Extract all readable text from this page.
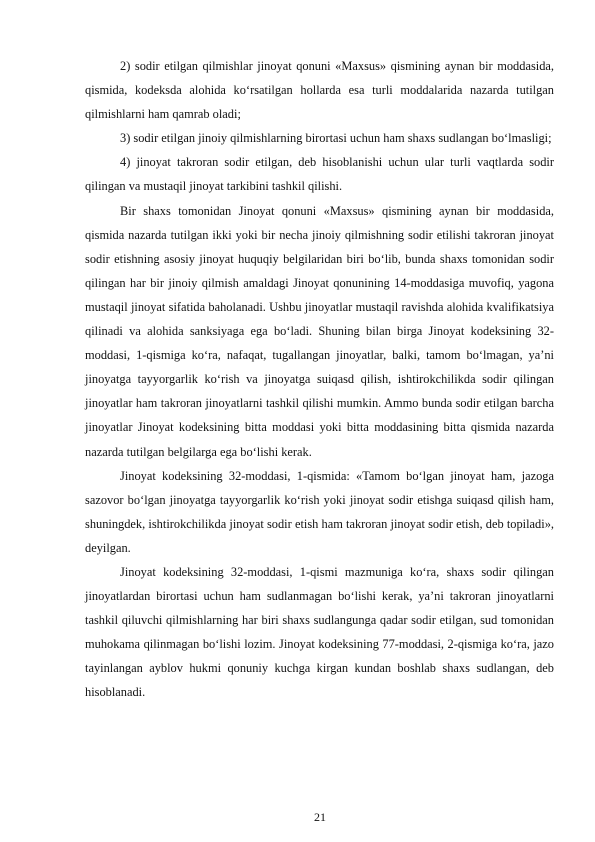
2) sodir etilgan qilmishlar jinoyat qonuni «Maxsus» qismining aynan bir moddasida, qismida, kodeksda alohida ko‘rsatilgan hollarda esa turli moddalarida nazarda tutilgan qilmishlarni ham qamrab oladi;

3) sodir etilgan jinoiy qilmishlarning birortasi uchun ham shaxs sudlangan bo‘lmasligi;

4) jinoyat takroran sodir etilgan, deb hisoblanishi uchun ular turli vaqtlarda sodir qilingan va mustaqil jinoyat tarkibini tashkil qilishi.

Bir shaxs tomonidan Jinoyat qonuni «Maxsus» qismining aynan bir moddasida, qismida nazarda tutilgan ikki yoki bir necha jinoiy qilmishning sodir etilishi takroran jinoyat sodir etishning asosiy jinoyat huquqiy belgilaridan biri bo‘lib, bunda shaxs tomonidan sodir qilingan har bir jinoiy qilmish amaldagi Jinoyat qonunining 14-moddasiga muvofiq, yagona mustaqil jinoyat sifatida baholanadi. Ushbu jinoyatlar mustaqil ravishda alohida kvalifikatsiya qilinadi va alohida sanksiyaga ega bo‘ladi. Shuning bilan birga Jinoyat kodeksining 32-moddasi, 1-qismiga ko‘ra, nafaqat, tugallangan jinoyatlar, balki, tamom bo‘lmagan, ya’ni jinoyatga tayyorgarlik ko‘rish va jinoyatga suiqasd qilish, ishtirokchilikda sodir qilingan jinoyatlar ham takroran jinoyatlarni tashkil qilishi mumkin. Ammo bunda sodir etilgan barcha jinoyatlar Jinoyat kodeksining bitta moddasi yoki bitta moddasining bitta qismida nazarda nazarda tutilgan belgilarga ega bo‘lishi kerak.

Jinoyat kodeksining 32-moddasi, 1-qismida: «Tamom bo‘lgan jinoyat ham, jazoga sazovor bo‘lgan jinoyatga tayyorgarlik ko‘rish yoki jinoyat sodir etishga suiqasd qilish ham, shuningdek, ishtirokchilikda jinoyat sodir etish ham takroran jinoyat sodir etish, deb topiladi», deyilgan.

Jinoyat kodeksining 32-moddasi, 1-qismi mazmuniga ko‘ra, shaxs sodir qilingan jinoyatlardan birortasi uchun ham sudlanmagan bo‘lishi kerak, ya’ni takroran jinoyatlarni tashkil qiluvchi qilmishlarning har biri shaxs sudlangunga qadar sodir etilgan, sud tomonidan muhokama qilinmagan bo‘lishi lozim. Jinoyat kodeksining 77-moddasi, 2-qismiga ko‘ra, jazo tayinlangan ayblov hukmi qonuniy kuchga kirgan kundan boshlab shaxs sudlangan, deb hisoblanadi.

21
